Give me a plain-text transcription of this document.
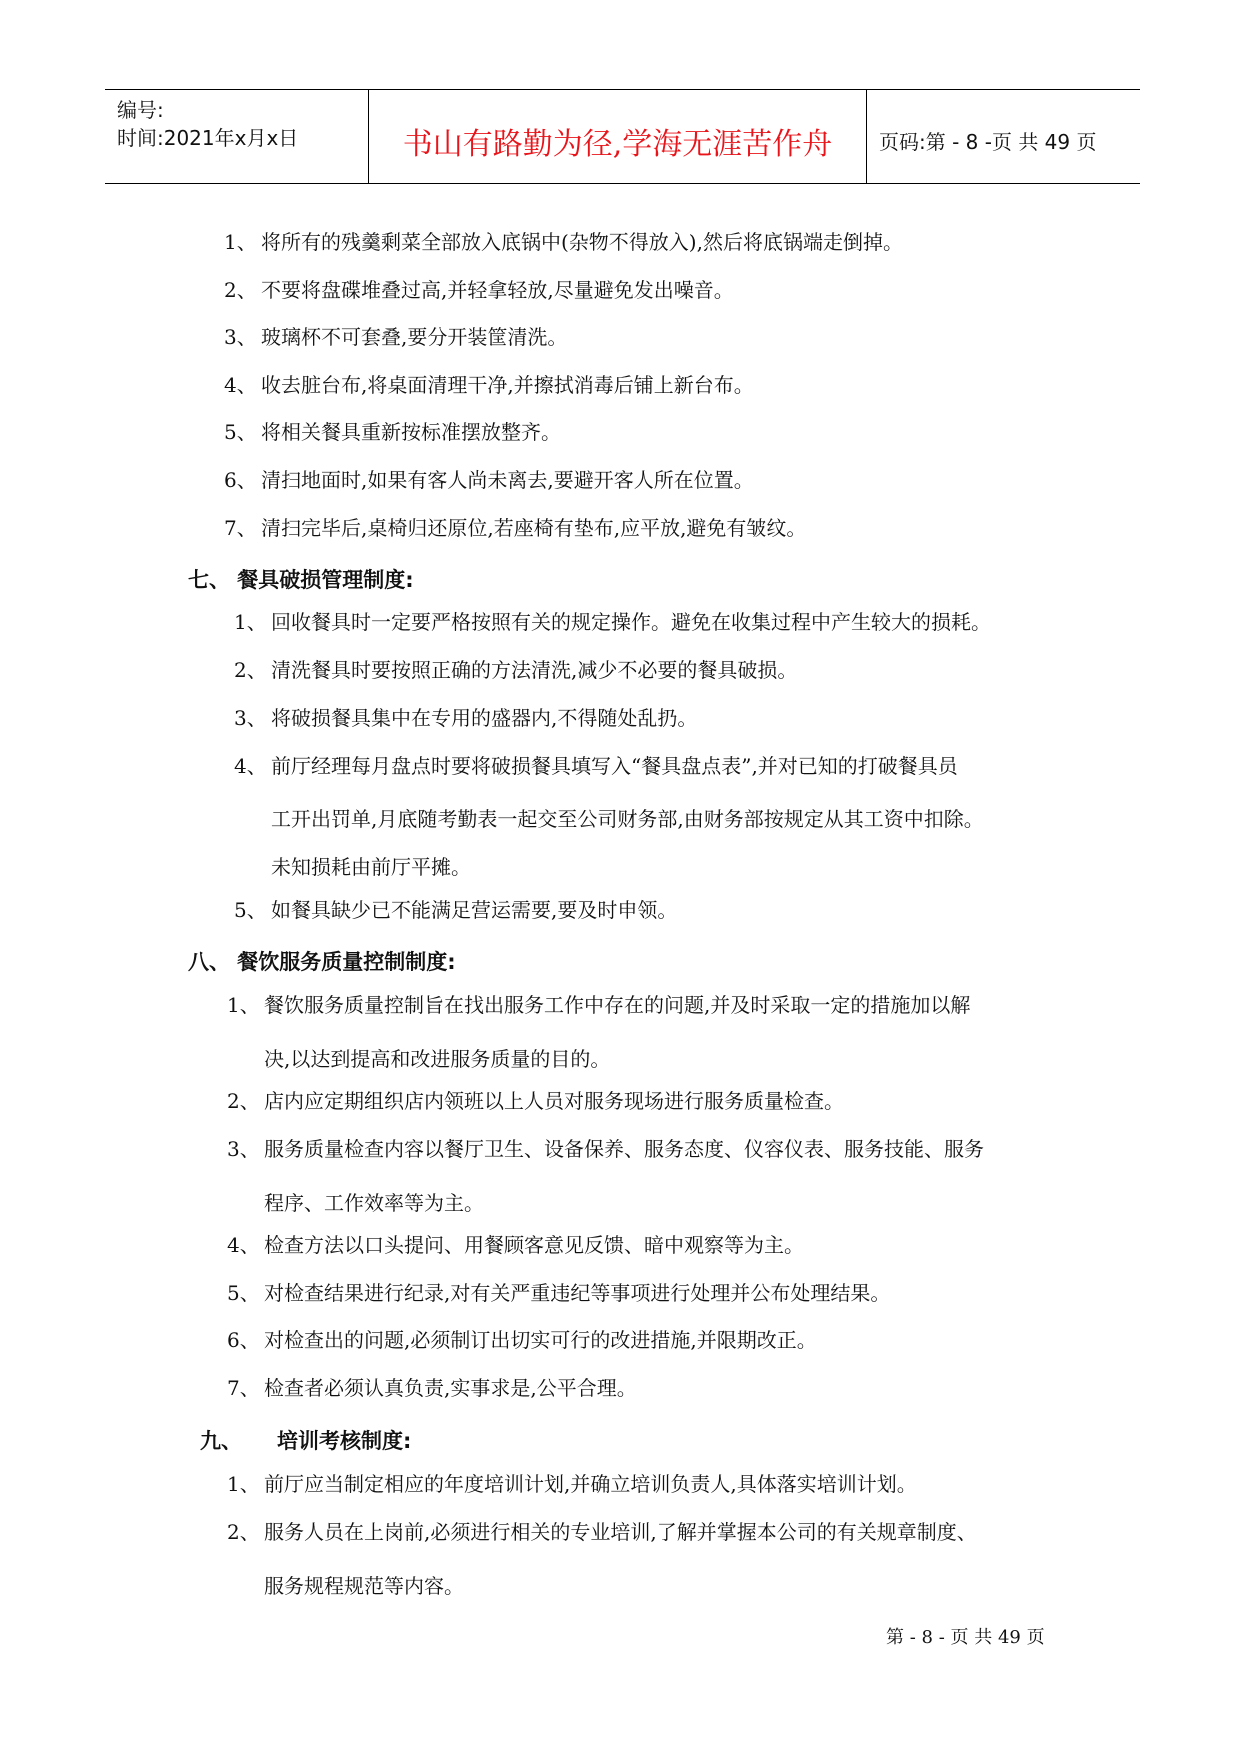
编号:
时间:2021年x月x日	书山有路勤为径,学海无涯苦作舟	页码:第 - 8 -页 共 49 页
1、 将所有的残羹剩菜全部放入底锅中(杂物不得放入),然后将底锅端走倒掉。
2、 不要将盘碟堆叠过高,并轻拿轻放,尽量避免发出噪音。
3、 玻璃杯不可套叠,要分开装筐清洗。
4、 收去脏台布,将桌面清理干净,并擦拭消毒后铺上新台布。
5、 将相关餐具重新按标准摆放整齐。
6、 清扫地面时,如果有客人尚未离去,要避开客人所在位置。
7、 清扫完毕后,桌椅归还原位,若座椅有垫布,应平放,避免有皱纹。
七、 餐具破损管理制度:
1、 回收餐具时一定要严格按照有关的规定操作。避免在收集过程中产生较大的损耗。
2、 清洗餐具时要按照正确的方法清洗,减少不必要的餐具破损。
3、 将破损餐具集中在专用的盛器内,不得随处乱扔。
4、 前厅经理每月盘点时要将破损餐具填写入“餐具盘点表”,并对已知的打破餐具员
工开出罚单,月底随考勤表一起交至公司财务部,由财务部按规定从其工资中扣除。
未知损耗由前厅平摊。
5、 如餐具缺少已不能满足营运需要,要及时申领。
八、 餐饮服务质量控制制度:
1、 餐饮服务质量控制旨在找出服务工作中存在的问题,并及时采取一定的措施加以解
决,以达到提高和改进服务质量的目的。
2、 店内应定期组织店内领班以上人员对服务现场进行服务质量检查。
3、 服务质量检查内容以餐厅卫生、设备保养、服务态度、仪容仪表、服务技能、服务
程序、工作效率等为主。
4、 检查方法以口头提问、用餐顾客意见反馈、暗中观察等为主。
5、 对检查结果进行纪录,对有关严重违纪等事项进行处理并公布处理结果。
6、 对检查出的问题,必须制订出切实可行的改进措施,并限期改正。
7、 检查者必须认真负责,实事求是,公平合理。
九、 培训考核制度:
1、 前厅应当制定相应的年度培训计划,并确立培训负责人,具体落实培训计划。
2、 服务人员在上岗前,必须进行相关的专业培训,了解并掌握本公司的有关规章制度、
服务规程规范等内容。
第 - 8 - 页 共 49 页
